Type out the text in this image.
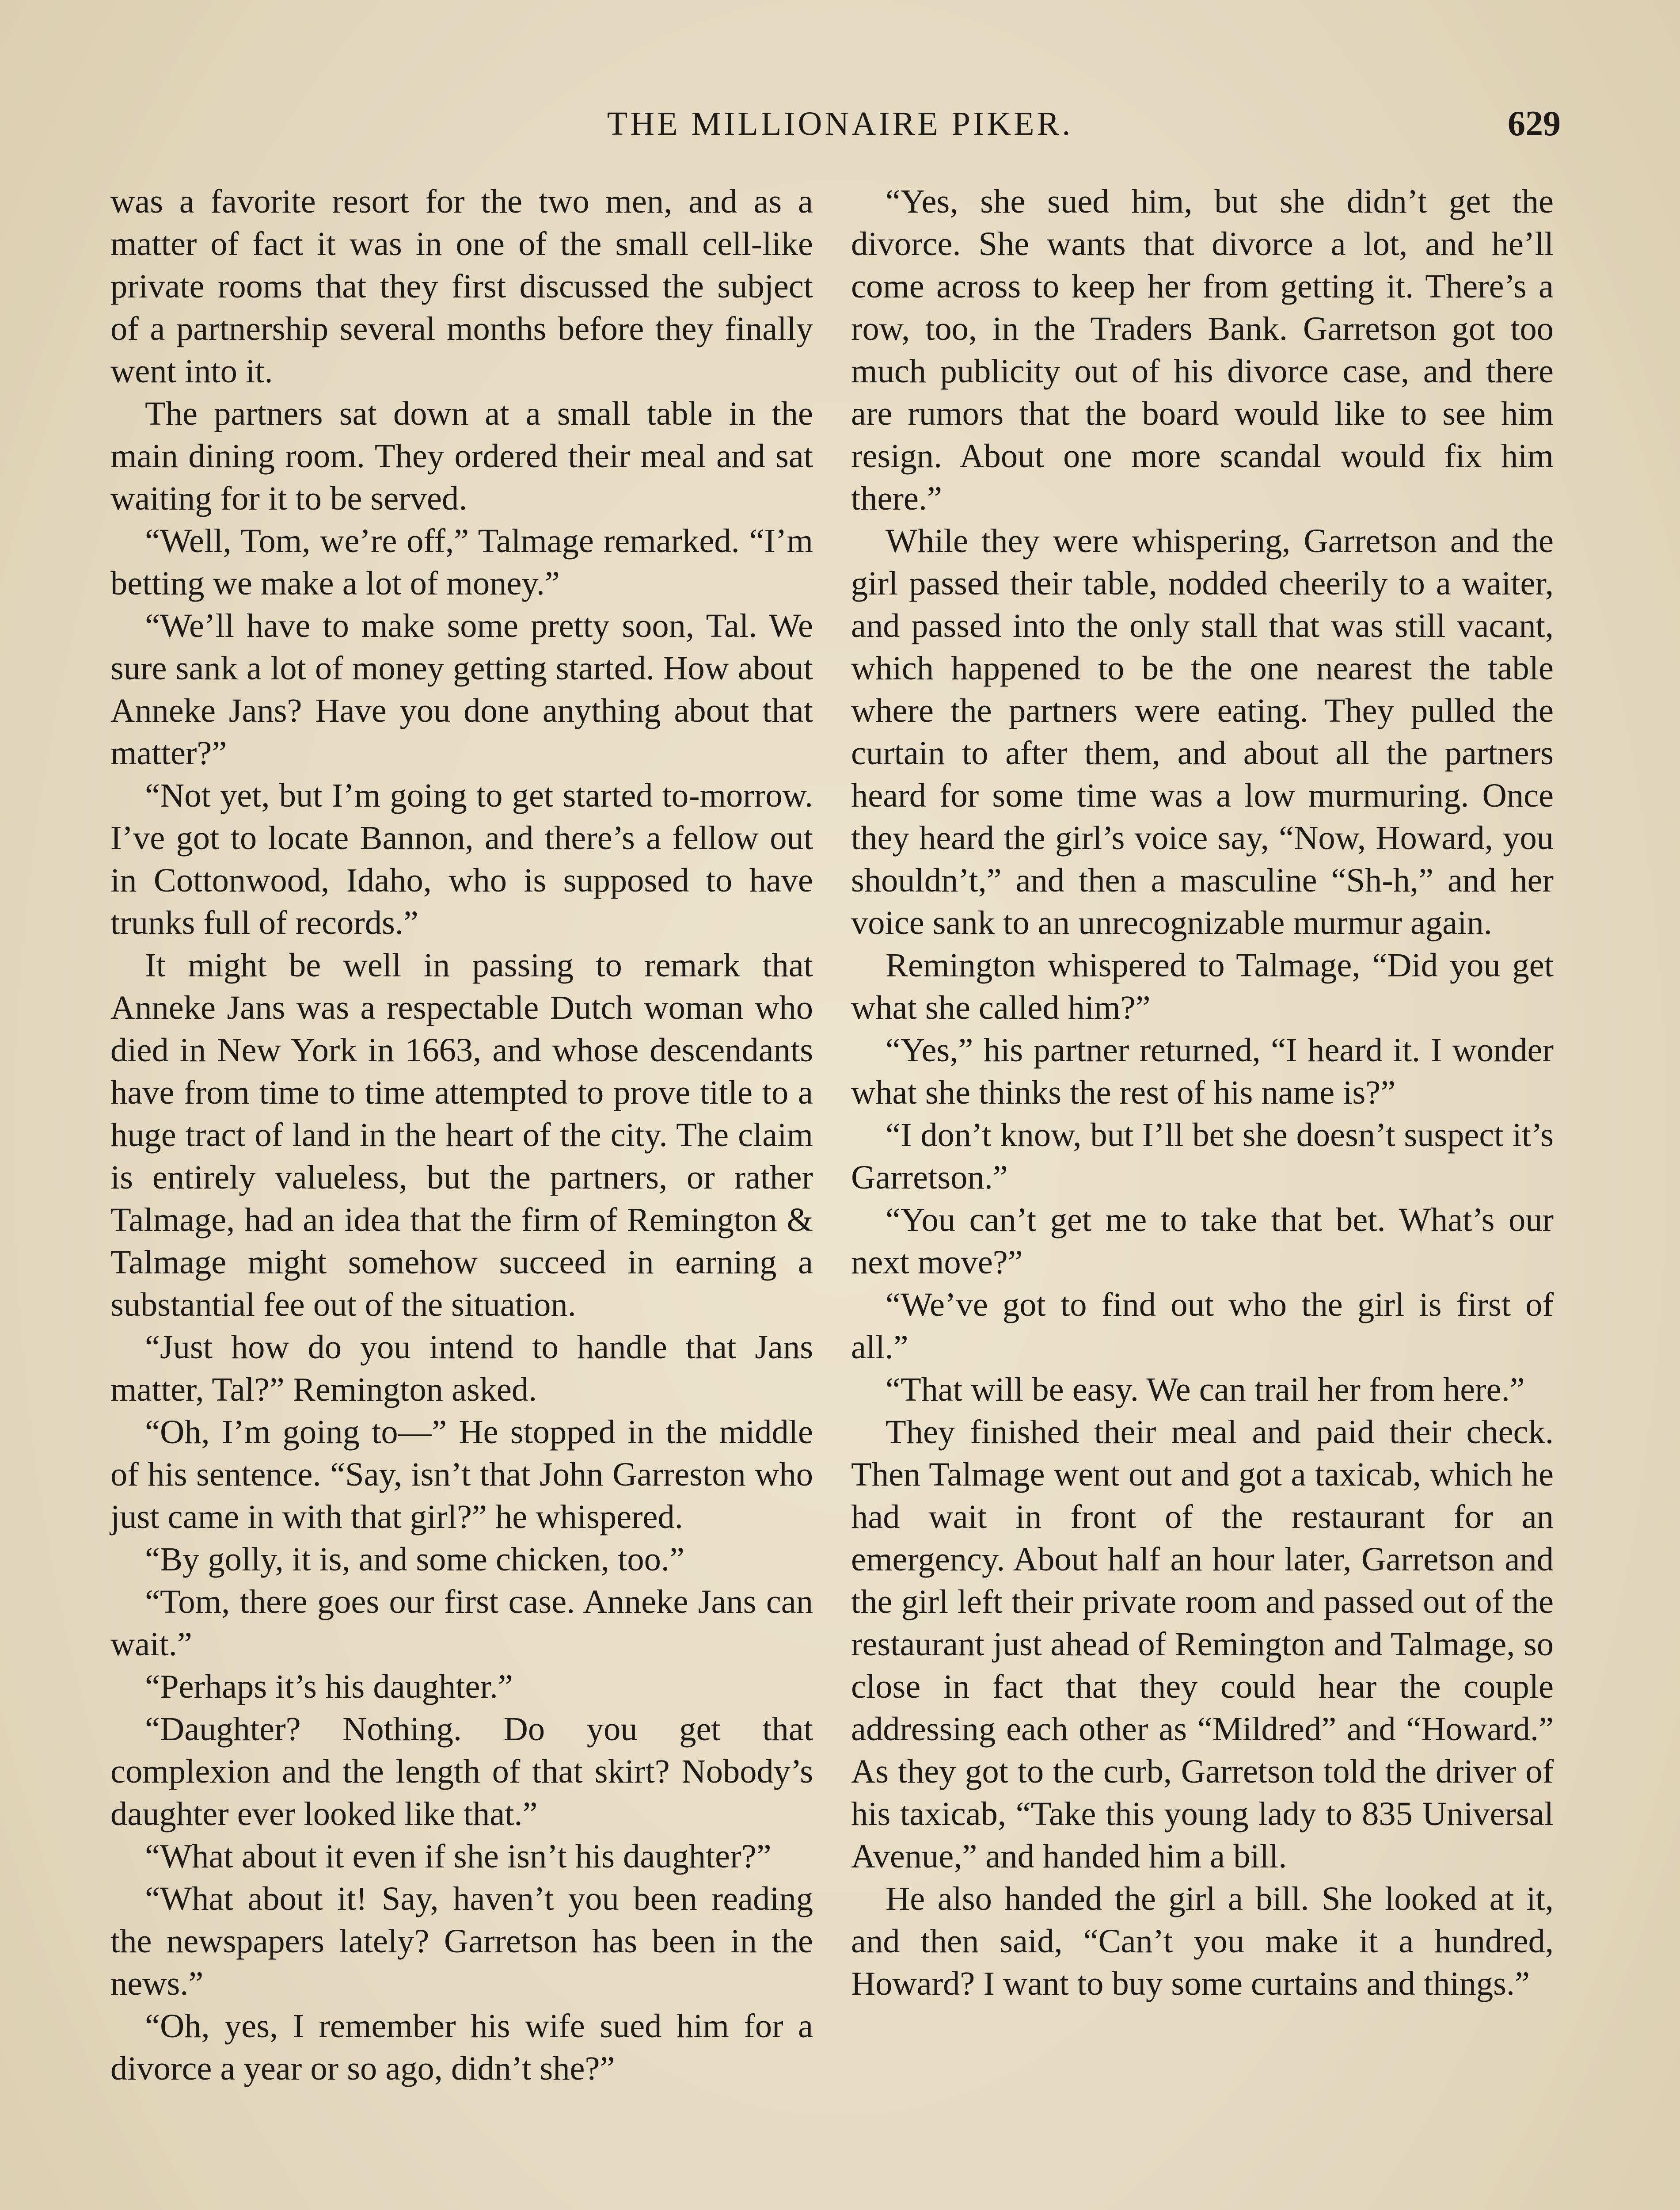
THE MILLIONAIRE PIKER.	629

was a favorite resort for the two men, and as a matter of fact it was in one of the small cell-like private rooms that they first discussed the subject of a partnership several months before they finally went into it.

The partners sat down at a small table in the main dining room. They ordered their meal and sat waiting for it to be served.

“Well, Tom, we’re off,” Talmage remarked. “I’m betting we make a lot of money.”

“We’ll have to make some pretty soon, Tal. We sure sank a lot of money getting started. How about Anneke Jans? Have you done anything about that matter?”

“Not yet, but I’m going to get started to-morrow. I’ve got to locate Bannon, and there’s a fellow out in Cottonwood, Idaho, who is supposed to have trunks full of records.”

It might be well in passing to remark that Anneke Jans was a respectable Dutch woman who died in New York in 1663, and whose descendants have from time to time attempted to prove title to a huge tract of land in the heart of the city. The claim is entirely valueless, but the partners, or rather Talmage, had an idea that the firm of Remington & Talmage might somehow succeed in earning a substantial fee out of the situation.

“Just how do you intend to handle that Jans matter, Tal?” Remington asked.

“Oh, I’m going to—” He stopped in the middle of his sentence. “Say, isn’t that John Garreston who just came in with that girl?” he whispered.

“By golly, it is, and some chicken, too.”

“Tom, there goes our first case. Anneke Jans can wait.”

“Perhaps it’s his daughter.”

“Daughter? Nothing. Do you get that complexion and the length of that skirt? Nobody’s daughter ever looked like that.”

“What about it even if she isn’t his daughter?”

“What about it! Say, haven’t you been reading the newspapers lately? Garretson has been in the news.”

“Oh, yes, I remember his wife sued him for a divorce a year or so ago, didn’t she?”

“Yes, she sued him, but she didn’t get the divorce. She wants that divorce a lot, and he’ll come across to keep her from getting it. There’s a row, too, in the Traders Bank. Garretson got too much publicity out of his divorce case, and there are rumors that the board would like to see him resign. About one more scandal would fix him there.”

While they were whispering, Garretson and the girl passed their table, nodded cheerily to a waiter, and passed into the only stall that was still vacant, which happened to be the one nearest the table where the partners were eating. They pulled the curtain to after them, and about all the partners heard for some time was a low murmuring. Once they heard the girl’s voice say, “Now, Howard, you shouldn’t,” and then a masculine “Sh-h,” and her voice sank to an unrecognizable murmur again.

Remington whispered to Talmage, “Did you get what she called him?”

“Yes,” his partner returned, “I heard it. I wonder what she thinks the rest of his name is?”

“I don’t know, but I’ll bet she doesn’t suspect it’s Garretson.”

“You can’t get me to take that bet. What’s our next move?”

“We’ve got to find out who the girl is first of all.”

“That will be easy. We can trail her from here.”

They finished their meal and paid their check. Then Talmage went out and got a taxicab, which he had wait in front of the restaurant for an emergency. About half an hour later, Garretson and the girl left their private room and passed out of the restaurant just ahead of Remington and Talmage, so close in fact that they could hear the couple addressing each other as “Mildred” and “Howard.” As they got to the curb, Garretson told the driver of his taxicab, “Take this young lady to 835 Universal Avenue,” and handed him a bill.

He also handed the girl a bill. She looked at it, and then said, “Can’t you make it a hundred, Howard? I want to buy some curtains and things.”
